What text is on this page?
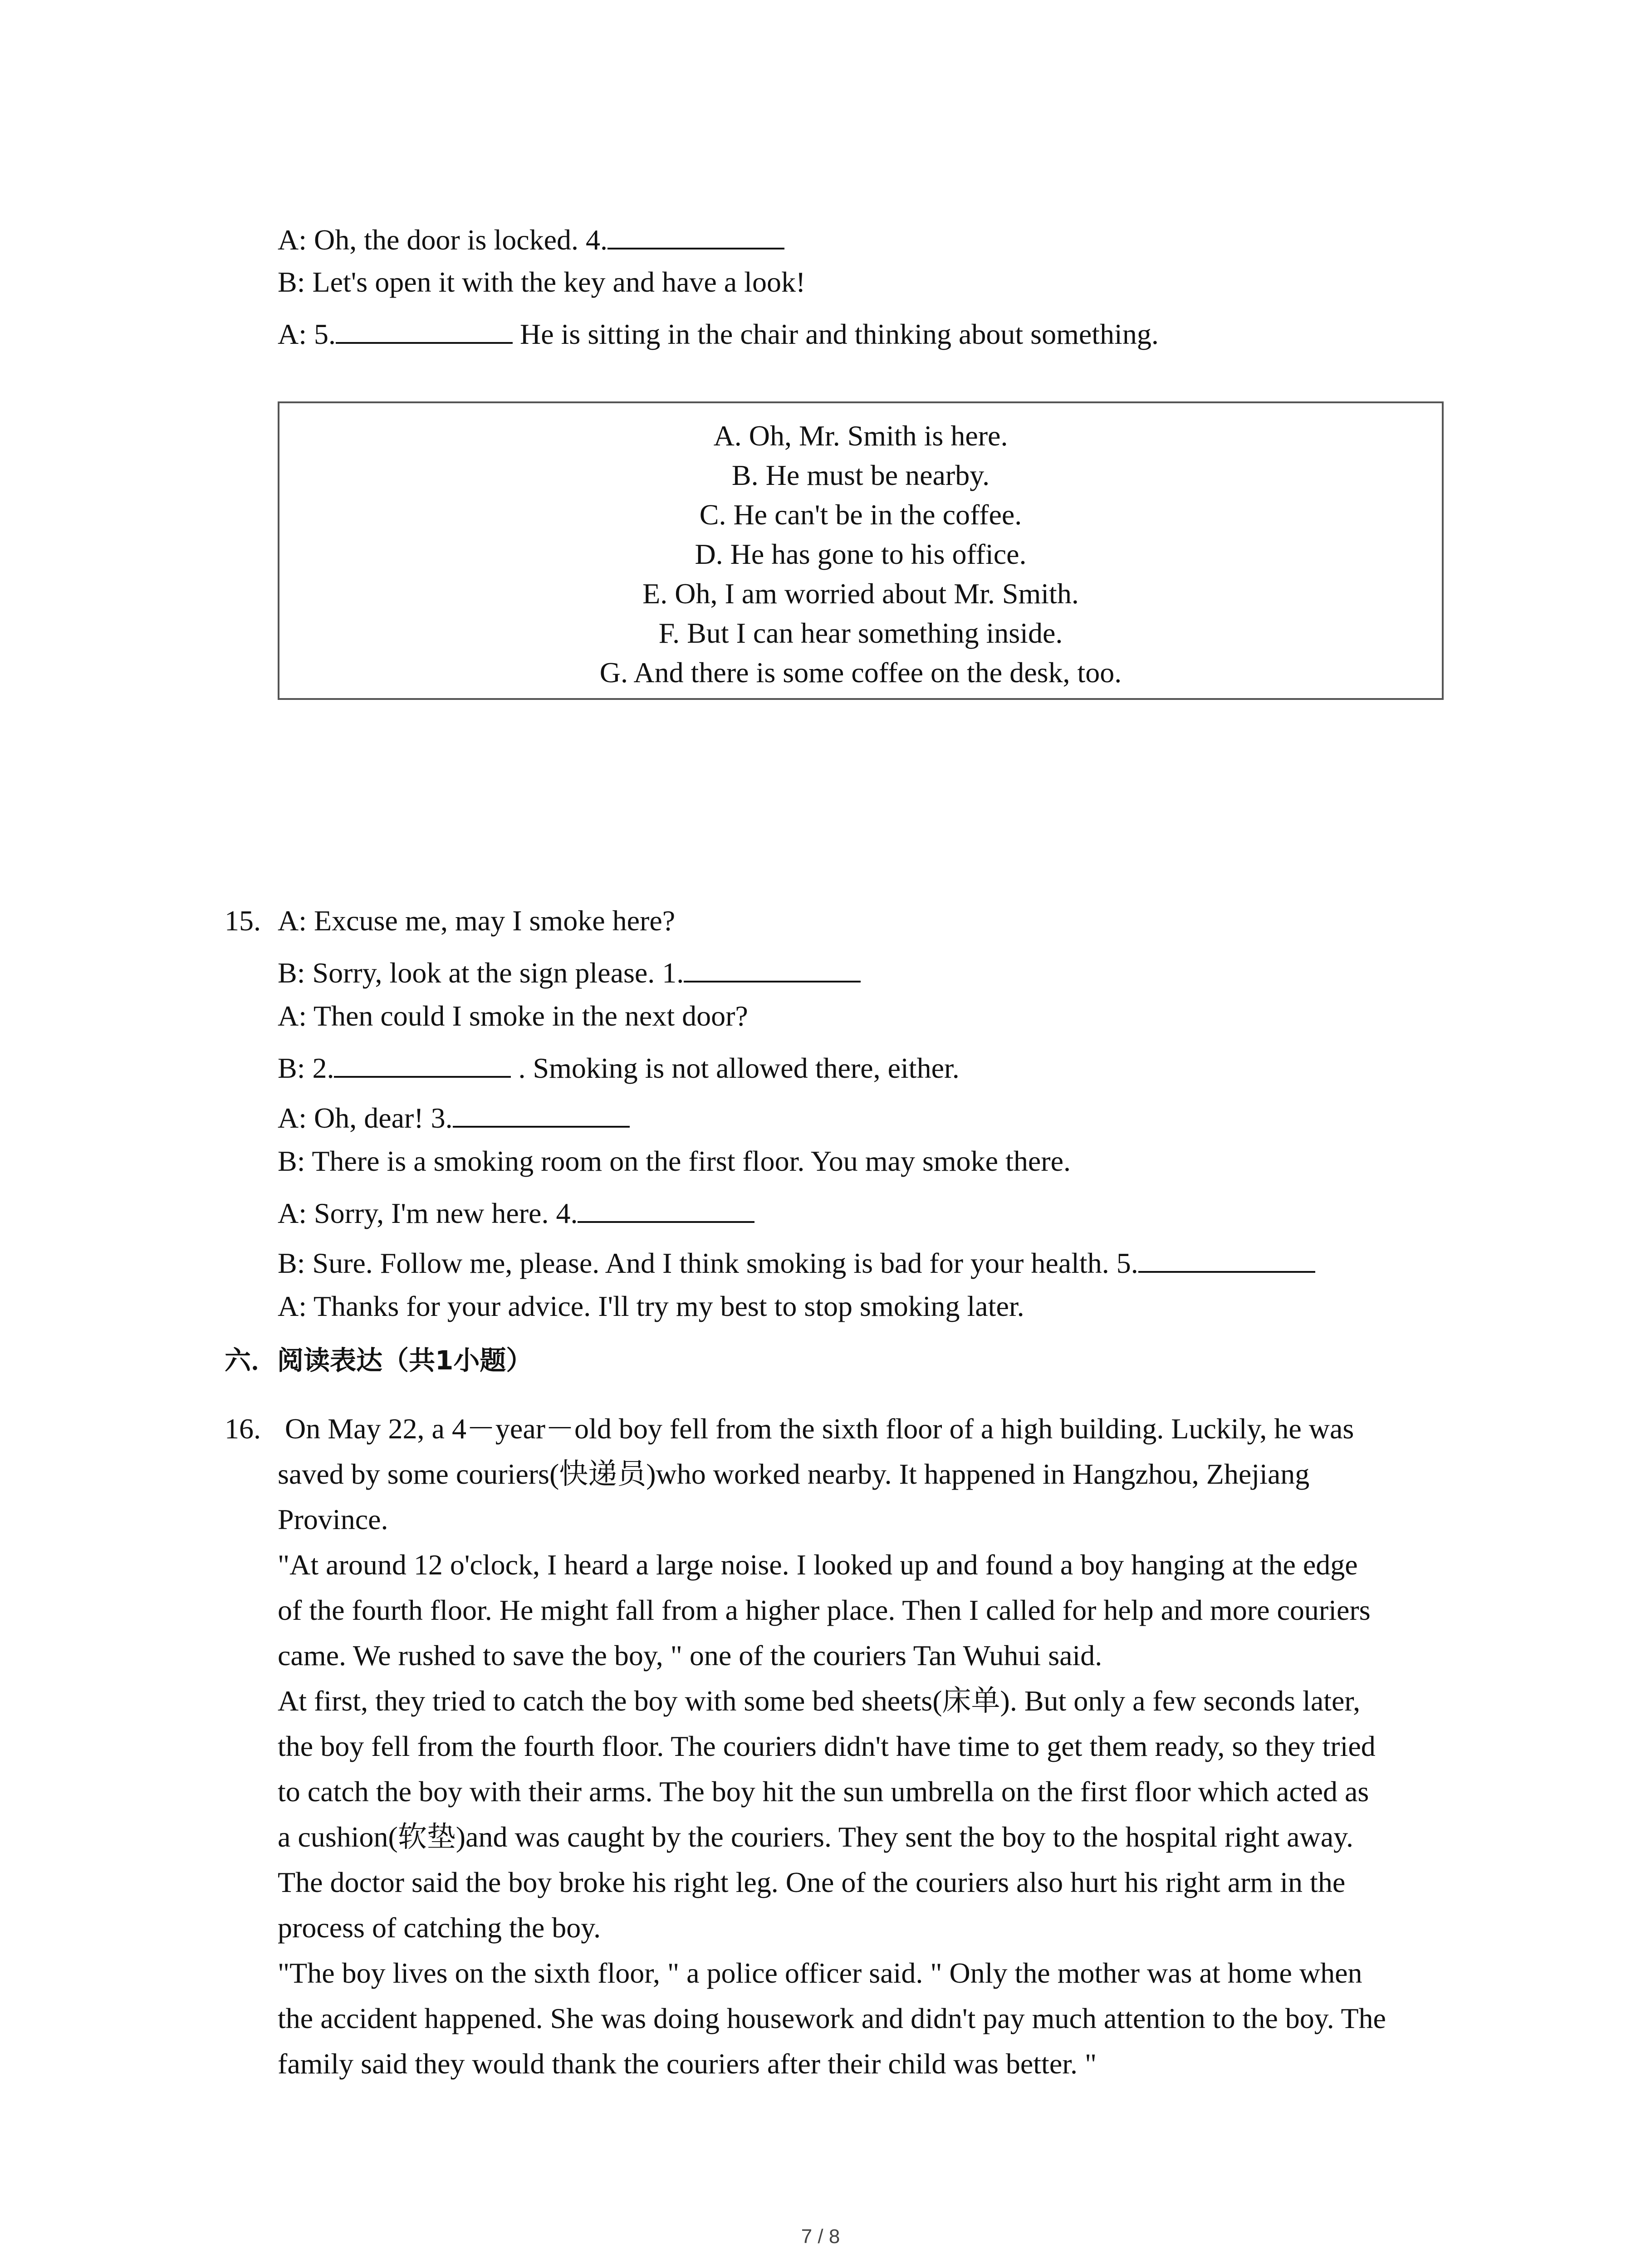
A: Oh, the door is locked. 4.
B: Let's open it with the key and have a look!
A: 5.	He is sitting in the chair and thinking about something.
A. Oh, Mr. Smith is here.
B. He must be nearby.
C. He can't be in the coffee.
D. He has gone to his office.
E. Oh, I am worried about Mr. Smith.
F. But I can hear something inside.
G. And there is some coffee on the desk, too.
15. A: Excuse me, may I smoke here?
B: Sorry, look at the sign please. 1.
A: Then could I smoke in the next door?
B: 2.	. Smoking is not allowed there, either.
A: Oh, dear! 3.
B: There is a smoking room on the first floor. You may smoke there.
A: Sorry, I'm new here. 4.
B: Sure. Follow me, please. And I think smoking is bad for your health. 5.
A: Thanks for your advice. I'll try my best to stop smoking later.
六．阅读表达（共1小题）
16. On May 22, a 4－year－old boy fell from the sixth floor of a high building. Luckily, he was
saved by some couriers(快递员)who worked nearby. It happened in Hangzhou, Zhejiang
Province.
"At around 12 o'clock, I heard a large noise. I looked up and found a boy hanging at the edge
of the fourth floor. He might fall from a higher place. Then I called for help and more couriers
came. We rushed to save the boy, " one of the couriers Tan Wuhui said.
At first, they tried to catch the boy with some bed sheets(床单). But only a few seconds later,
the boy fell from the fourth floor. The couriers didn't have time to get them ready, so they tried
to catch the boy with their arms. The boy hit the sun umbrella on the first floor which acted as
a cushion(软垫)and was caught by the couriers. They sent the boy to the hospital right away.
The doctor said the boy broke his right leg. One of the couriers also hurt his right arm in the
process of catching the boy.
"The boy lives on the sixth floor, " a police officer said. " Only the mother was at home when
the accident happened. She was doing housework and didn't pay much attention to the boy. The
family said they would thank the couriers after their child was better. "
7 / 8
